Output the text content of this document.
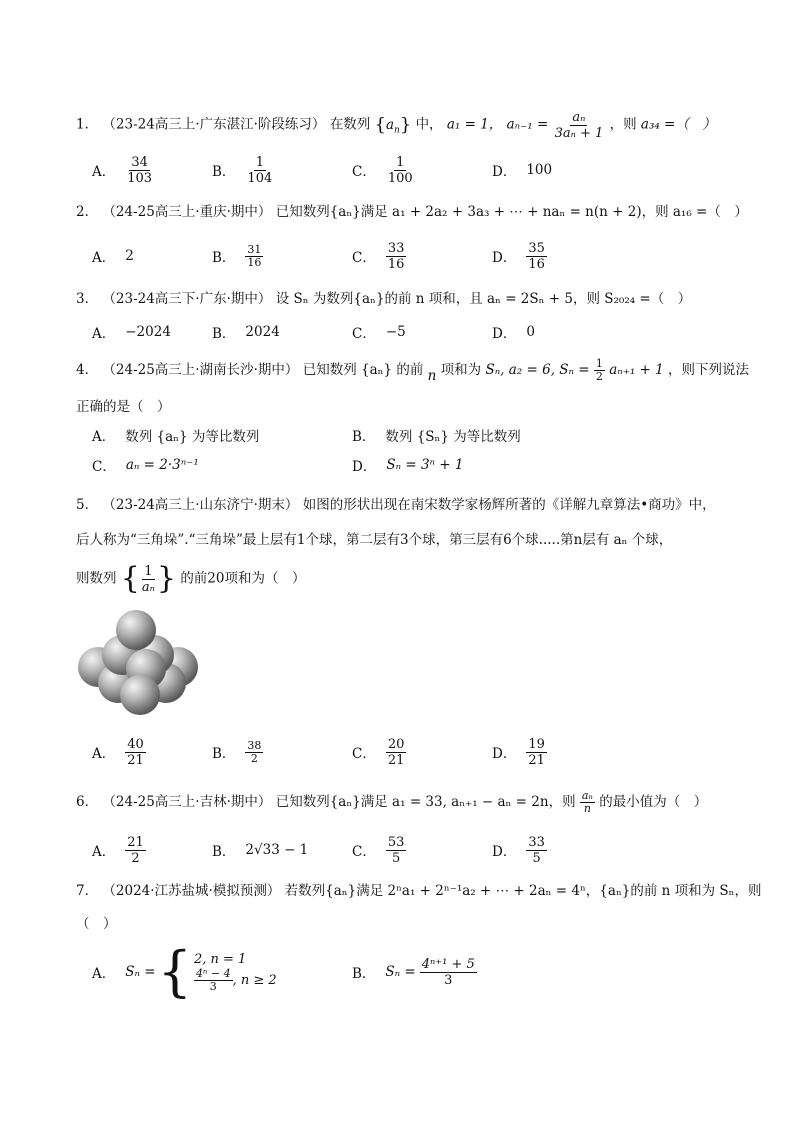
1． （23-24高三上·广东湛江·阶段练习） 在数列 $\{a_n\}$ 中， a₁ = 1， $a_{n-1} = \frac{\text{aₙ}}{\text{3aₙ + 1}}$ ，则 a₃₄ =（　）
A． $\frac{34}{103}$	B． $\frac{1}{104}$	C． $\frac{1}{100}$	D． 100
2． （24-25高三上·重庆·期中） 已知数列{aₙ}满足 a₁ + 2a₂ + 3a₃ + ⋯ + naₙ = n(n + 2)，则 a₁₆ =（　）
A． 2	B． $\frac{31}{16}$	C． $\frac{33}{16}$	D． $\frac{35}{16}$
3． （23-24高三下·广东·期中） 设 Sₙ 为数列{aₙ}的前 n 项和，且 aₙ = 2Sₙ + 5，则 S₂₀₂₄ =（　）
A． −2024	B． 2024	C． −5	D． 0
4． （24-25高三上·湖南长沙·期中） 已知数列 {aₙ} 的前 n 项和为 Sₙ, a₂ = 6, $S_n = \frac{1}{2} a_{n+1} + 1$ ，则下列说法
正确的是（　）
A． 数列 {aₙ} 为等比数列	B． 数列 {Sₙ} 为等比数列
C． aₙ = 2·3ⁿ⁻¹	D． Sₙ = 3ⁿ + 1
5． （23-24高三上·山东济宁·期末） 如图的形状出现在南宋数学家杨辉所著的《详解九章算法•商功》中，
后人称为“三角垛”.“三角垛”最上层有1个球，第二层有3个球，第三层有6个球.....第n层有 aₙ 个球，
则数列 { $\frac{1}{\text{aₙ}}$ } 的前20项和为（　）
A． $\frac{40}{21}$	B． $\frac{38}{2}$	C． $\frac{20}{21}$	D． $\frac{19}{21}$
6． （24-25高三上·吉林·期中） 已知数列{aₙ}满足 a₁ = 33, aₙ₊₁ − aₙ = 2n，则 $\frac{\text{aₙ}}{n}$ 的最小值为（　）
A． $\frac{21}{2}$	B． 2√33 − 1	C． $\frac{53}{5}$	D． $\frac{33}{5}$
7． （2024·江苏盐城·模拟预测） 若数列{aₙ}满足 2ⁿa₁ + 2ⁿ⁻¹a₂ + ⋯ + 2aₙ = 4ⁿ，{aₙ}的前 n 项和为 Sₙ，则
（　）
A． Sₙ = { 2, n = 1
$\frac{\text{4ⁿ − 4}}{3}$ , n ≥ 2	B． $S_n = \frac{\text{4ⁿ⁺¹ + 5}}{3}$
